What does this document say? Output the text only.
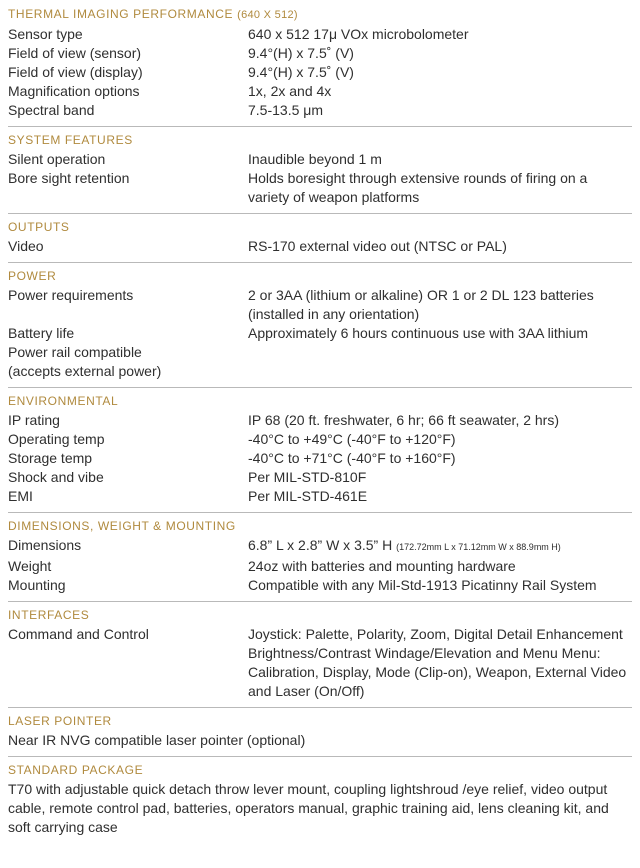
THERMAL IMAGING PERFORMANCE (640 X 512)
Sensor type	640 x 512 17μ VOx microbolometer
Field of view (sensor)	9.4°(H) x 7.5˚ (V)
Field of view (display)	9.4°(H) x 7.5˚ (V)
Magnification options	1x, 2x and 4x
Spectral band	7.5-13.5 μm
SYSTEM FEATURES
Silent operation	Inaudible beyond 1 m
Bore sight retention	Holds boresight through extensive rounds of firing on a variety of weapon platforms
OUTPUTS
Video	RS-170 external video out (NTSC or PAL)
POWER
Power requirements	2 or 3AA (lithium or alkaline) OR 1 or 2 DL 123 batteries (installed in any orientation)
Battery life	Approximately 6 hours continuous use with 3AA lithium
Power rail compatible (accepts external power)
ENVIRONMENTAL
IP rating	IP 68 (20 ft. freshwater, 6 hr; 66 ft seawater, 2 hrs)
Operating temp	-40°C to +49°C (-40°F to +120°F)
Storage temp	-40°C to +71°C (-40°F to +160°F)
Shock and vibe	Per MIL-STD-810F
EMI	Per MIL-STD-461E
DIMENSIONS, WEIGHT & MOUNTING
Dimensions	6.8” L x 2.8” W x 3.5” H (172.72mm L x 71.12mm W x 88.9mm H)
Weight	24oz with batteries and mounting hardware
Mounting	Compatible with any Mil-Std-1913 Picatinny Rail System
INTERFACES
Command and Control	Joystick: Palette, Polarity, Zoom, Digital Detail Enhancement Brightness/Contrast Windage/Elevation and Menu Menu: Calibration, Display, Mode (Clip-on), Weapon, External Video and Laser (On/Off)
LASER POINTER
Near IR NVG compatible laser pointer (optional)
STANDARD PACKAGE
T70 with adjustable quick detach throw lever mount, coupling lightshroud /eye relief, video output cable, remote control pad, batteries, operators manual, graphic training aid, lens cleaning kit, and soft carrying case
